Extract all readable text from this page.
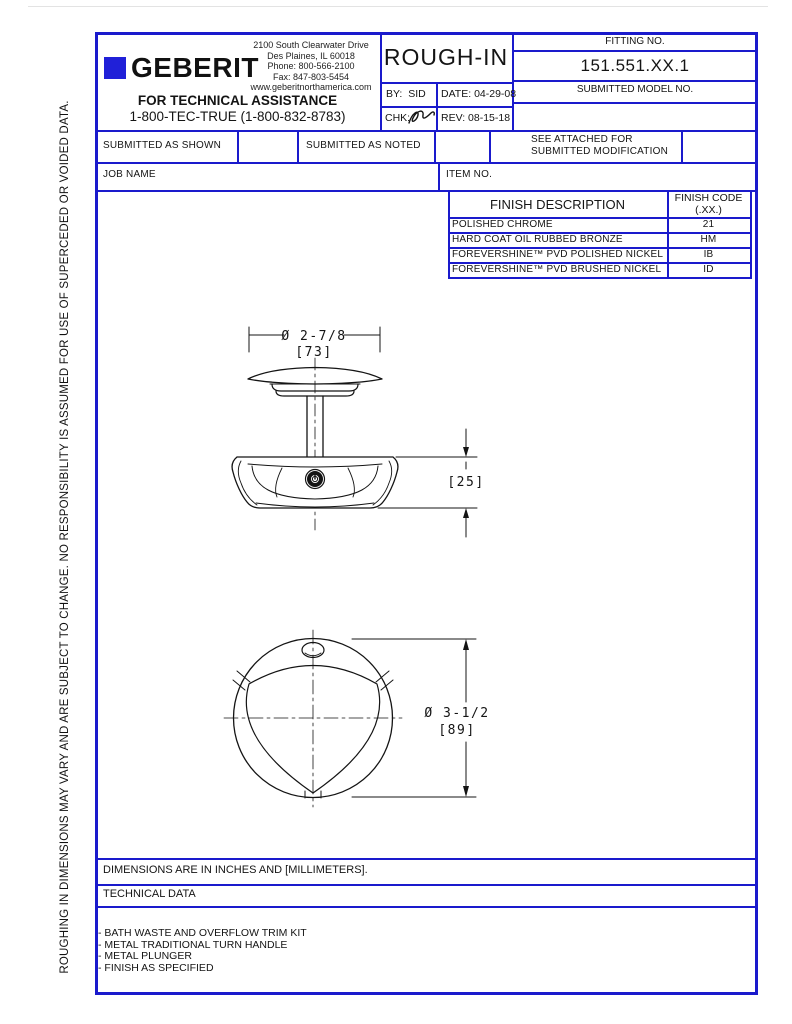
ROUGHING IN DIMENSIONS MAY VARY AND ARE SUBJECT TO CHANGE. NO RESPONSIBILITY IS ASSUMED FOR USE OF SUPERCEDED OR VOIDED DATA.
GEBERIT
2100 South Clearwater Drive
Des Plaines, IL 60018
Phone: 800-566-2100
Fax: 847-803-5454
www.geberitnorthamerica.com
FOR TECHNICAL ASSISTANCE
1-800-TEC-TRUE (1-800-832-8783)
ROUGH-IN
BY: SID DATE: 04-29-08
CHK:	REV: 08-15-18
FITTING NO.
151.551.XX.1
SUBMITTED MODEL NO.
SUBMITTED AS SHOWN	SUBMITTED AS NOTED
SEE ATTACHED FOR
SUBMITTED MODIFICATION
JOB NAME	ITEM NO.
FINISH DESCRIPTION	FINISH CODE
(.XX.)
POLISHED CHROME	21
HARD COAT OIL RUBBED BRONZE	HM
FOREVERSHINE™ PVD POLISHED NICKEL	IB
FOREVERSHINE™ PVD BRUSHED NICKEL	ID
Ø 2-7/8
[73]
[25]
Ø 3-1/2
[89]
DIMENSIONS ARE IN INCHES AND [MILLIMETERS].
TECHNICAL DATA
- BATH WASTE AND OVERFLOW TRIM KIT
- METAL TRADITIONAL TURN HANDLE
- METAL PLUNGER
- FINISH AS SPECIFIED
